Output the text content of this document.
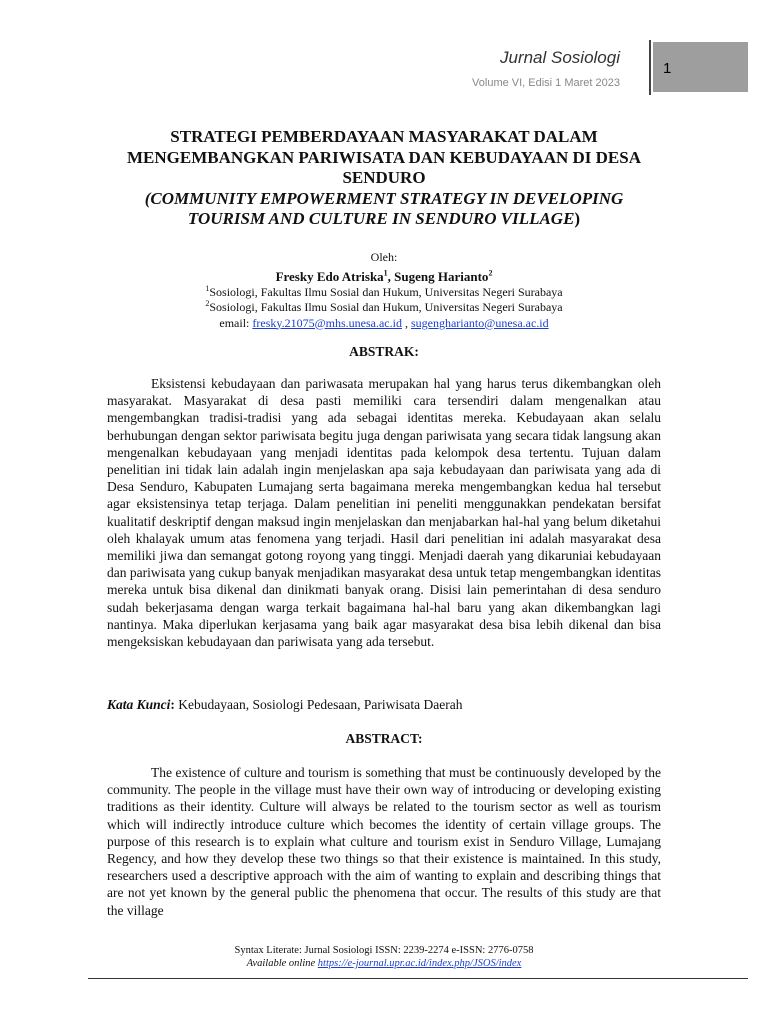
Jurnal Sosiologi
Volume VI, Edisi 1 Maret 2023
1
STRATEGI PEMBERDAYAAN MASYARAKAT DALAM
MENGEMBANGKAN PARIWISATA DAN KEBUDAYAAN DI DESA
SENDURO
(COMMUNITY EMPOWERMENT STRATEGY IN DEVELOPING
TOURISM AND CULTURE IN SENDURO VILLAGE)
Oleh:
Fresky Edo Atriska$^1$, Sugeng Harianto$^2$
$^1$Sosiologi, Fakultas Ilmu Sosial dan Hukum, Universitas Negeri Surabaya
$^2$Sosiologi, Fakultas Ilmu Sosial dan Hukum, Universitas Negeri Surabaya
email: fresky.21075@mhs.unesa.ac.id , sugengharianto@unesa.ac.id
ABSTRAK:

Eksistensi kebudayaan dan pariwasata merupakan hal yang harus terus dikembangkan oleh masyarakat. Masyarakat di desa pasti memiliki cara tersendiri dalam mengenalkan atau mengembangkan tradisi-tradisi yang ada sebagai identitas mereka. Kebudayaan akan selalu berhubungan dengan sektor pariwisata begitu juga dengan pariwisata yang secara tidak langsung akan mengenalkan kebudayaan yang menjadi identitas pada kelompok desa tertentu. Tujuan dalam penelitian ini tidak lain adalah ingin menjelaskan apa saja kebudayaan dan pariwisata yang ada di Desa Senduro, Kabupaten Lumajang serta bagaimana mereka mengembangkan kedua hal tersebut agar eksistensinya tetap terjaga. Dalam penelitian ini peneliti menggunakkan pendekatan bersifat kualitatif deskriptif dengan maksud ingin menjelaskan dan menjabarkan hal-hal yang belum diketahui oleh khalayak umum atas fenomena yang terjadi. Hasil dari penelitian ini adalah masyarakat desa memiliki jiwa dan semangat gotong royong yang tinggi. Menjadi daerah yang dikaruniai kebudayaan dan pariwisata yang cukup banyak menjadikan masyarakat desa untuk tetap mengembangkan identitas mereka untuk bisa dikenal dan dinikmati banyak orang. Disisi lain pemerintahan di desa senduro sudah bekerjasama dengan warga terkait bagaimana hal-hal baru yang akan dikembangkan lagi nantinya. Maka diperlukan kerjasama yang baik agar masyarakat desa bisa lebih dikenal dan bisa mengeksiskan kebudayaan dan pariwisata yang ada tersebut.

Kata Kunci: Kebudayaan, Sosiologi Pedesaan, Pariwisata Daerah
ABSTRACT:

The existence of culture and tourism is something that must be continuously developed by the community. The people in the village must have their own way of introducing or developing existing traditions as their identity. Culture will always be related to the tourism sector as well as tourism which will indirectly introduce culture which becomes the identity of certain village groups. The purpose of this research is to explain what culture and tourism exist in Senduro Village, Lumajang Regency, and how they develop these two things so that their existence is maintained. In this study, researchers used a descriptive approach with the aim of wanting to explain and describing things that are not yet known by the general public the phenomena that occur. The results of this study are that the village

Syntax Literate: Jurnal Sosiologi ISSN: 2239-2274 e-ISSN: 2776-0758
Available online https://e-journal.upr.ac.id/index.php/JSOS/index
